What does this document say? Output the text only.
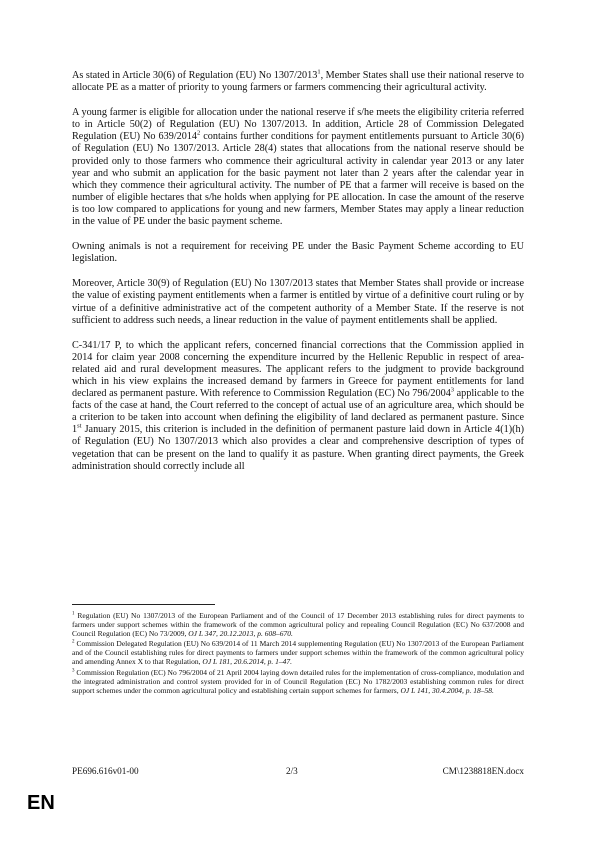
As stated in Article 30(6) of Regulation (EU) No 1307/2013$^1$, Member States shall use their national reserve to allocate PE as a matter of priority to young farmers or farmers commencing their agricultural activity.

A young farmer is eligible for allocation under the national reserve if s/he meets the eligibility criteria referred to in Article 50(2) of Regulation (EU) No 1307/2013. In addition, Article 28 of Commission Delegated Regulation (EU) No 639/2014$^2$ contains further conditions for payment entitlements pursuant to Article 30(6) of Regulation (EU) No 1307/2013. Article 28(4) states that allocations from the national reserve should be provided only to those farmers who commence their agricultural activity in calendar year 2013 or any later year and who submit an application for the basic payment not later than 2 years after the calendar year in which they commence their agricultural activity. The number of PE that a farmer will receive is based on the number of eligible hectares that s/he holds when applying for PE allocation. In case the amount of the reserve is too low compared to applications for young and new farmers, Member States may apply a linear reduction in the value of PE under the basic payment scheme.

Owning animals is not a requirement for receiving PE under the Basic Payment Scheme according to EU legislation.

Moreover, Article 30(9) of Regulation (EU) No 1307/2013 states that Member States shall provide or increase the value of existing payment entitlements when a farmer is entitled by virtue of a definitive court ruling or by virtue of a definitive administrative act of the competent authority of a Member State. If the reserve is not sufficient to address such needs, a linear reduction in the value of payment entitlements shall be applied.

C-341/17 P, to which the applicant refers, concerned financial corrections that the Commission applied in 2014 for claim year 2008 concerning the expenditure incurred by the Hellenic Republic in respect of area-related aid and rural development measures. The applicant refers to the judgment to provide background which in his view explains the increased demand by farmers in Greece for payment entitlements for land declared as permanent pasture. With reference to Commission Regulation (EC) No 796/2004$^3$ applicable to the facts of the case at hand, the Court referred to the concept of actual use of an agriculture area, which should be a criterion to be taken into account when defining the eligibility of land declared as permanent pasture. Since 1st January 2015, this criterion is included in the definition of permanent pasture laid down in Article 4(1)(h) of Regulation (EU) No 1307/2013 which also provides a clear and comprehensive description of types of vegetation that can be present on the land to qualify it as pasture. When granting direct payments, the Greek administration should correctly include all

$^1$ Regulation (EU) No 1307/2013 of the European Parliament and of the Council of 17 December 2013 establishing rules for direct payments to farmers under support schemes within the framework of the common agricultural policy and repealing Council Regulation (EC) No 637/2008 and Council Regulation (EC) No 73/2009, OJ L 347, 20.12.2013, p. 608–670.

$^2$ Commission Delegated Regulation (EU) No 639/2014 of 11 March 2014 supplementing Regulation (EU) No 1307/2013 of the European Parliament and of the Council establishing rules for direct payments to farmers under support schemes within the framework of the common agricultural policy and amending Annex X to that Regulation, OJ L 181, 20.6.2014, p. 1–47.

$^3$ Commission Regulation (EC) No 796/2004 of 21 April 2004 laying down detailed rules for the implementation of cross-compliance, modulation and the integrated administration and control system provided for in of Council Regulation (EC) No 1782/2003 establishing common rules for direct support schemes under the common agricultural policy and establishing certain support schemes for farmers, OJ L 141, 30.4.2004, p. 18–58.

PE696.616v01-00	2/3	CM\1238818EN.docx
EN
